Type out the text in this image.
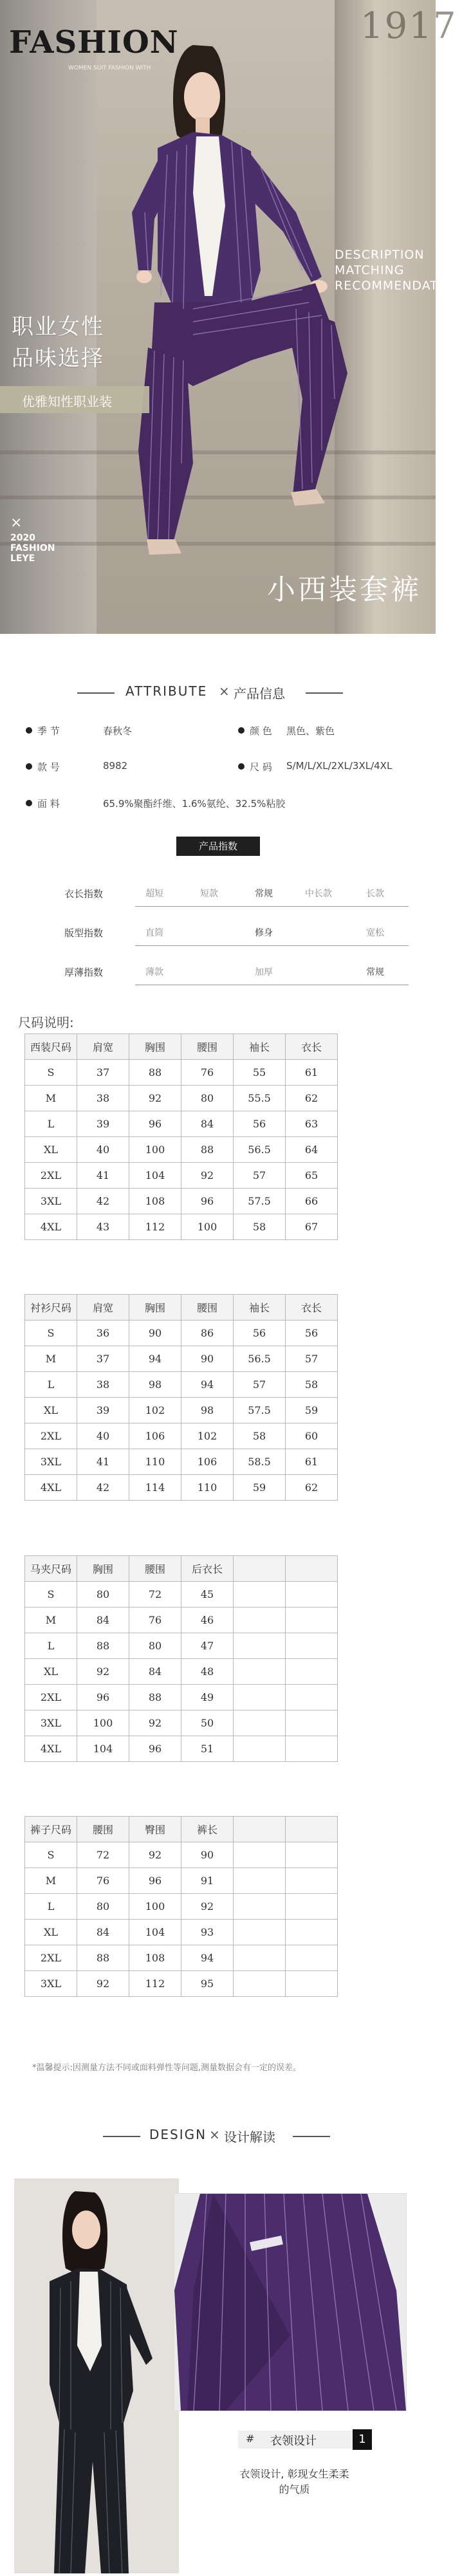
1917
FASHION
WOMEN SUIT FASHION WITH
职业女性
品味选择
优雅知性职业装
×
2020 FASHION LEYE
DESCRIPTION
MATCHING
RECOMMENDATIONS
小西装套裤
ATTRIBUTE × 产品信息
季 节	春秋冬	颜 色 黑色、紫色
款 号	8982	尺 码 S/M/L/XL/2XL/3XL/4XL
面 料	65.9%聚酯纤维、1.6%氨纶、32.5%粘胶
产品指数
衣长指数	超短	短款	常规	中长款	长款
版型指数	直筒	修身	宽松
厚薄指数	薄款	加厚	常规
尺码说明:
西装尺码	肩宽	胸围	腰围	袖长	衣长
S	37	88	76	55	61
M	38	92	80	55.5	62
L	39	96	84	56	63
XL	40	100	88	56.5	64
2XL	41	104	92	57	65
3XL	42	108	96	57.5	66
4XL	43	112	100	58	67
衬衫尺码	肩宽	胸围	腰围	袖长	衣长
S	36	90	86	56	56
M	37	94	90	56.5	57
L	38	98	94	57	58
XL	39	102	98	57.5	59
2XL	40	106	102	58	60
3XL	41	110	106	58.5	61
4XL	42	114	110	59	62
马夹尺码	胸围	腰围	后衣长		
S	80	72	45		
M	84	76	46		
L	88	80	47		
XL	92	84	48		
2XL	96	88	49		
3XL	100	92	50		
4XL	104	96	51		
裤子尺码	腰围	臀围	裤长		
S	72	92	90		
M	76	96	91		
L	80	100	92		
XL	84	104	93		
2XL	88	108	94		
3XL	92	112	95		
*温馨提示:因测量方法不同或面料弹性等问题,测量数据会有一定的误差。
DESIGN × 设计解读
# 衣领设计	1
衣领设计, 彰现女生柔柔的气质
